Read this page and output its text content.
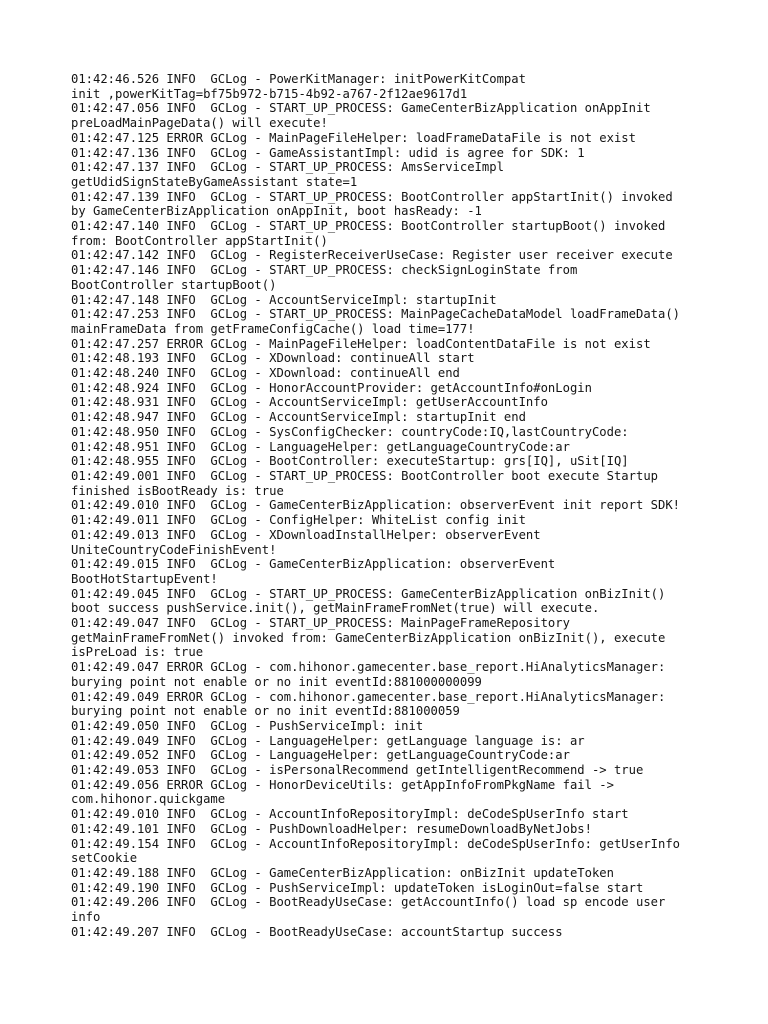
01:42:46.526 INFO  GCLog - PowerKitManager: initPowerKitCompat
init ,powerKitTag=bf75b972-b715-4b92-a767-2f12ae9617d1
01:42:47.056 INFO  GCLog - START_UP_PROCESS: GameCenterBizApplication onAppInit
preLoadMainPageData() will execute!
01:42:47.125 ERROR GCLog - MainPageFileHelper: loadFrameDataFile is not exist
01:42:47.136 INFO  GCLog - GameAssistantImpl: udid is agree for SDK: 1
01:42:47.137 INFO  GCLog - START_UP_PROCESS: AmsServiceImpl
getUdidSignStateByGameAssistant state=1
01:42:47.139 INFO  GCLog - START_UP_PROCESS: BootController appStartInit() invoked
by GameCenterBizApplication onAppInit, boot hasReady: -1
01:42:47.140 INFO  GCLog - START_UP_PROCESS: BootController startupBoot() invoked
from: BootController appStartInit()
01:42:47.142 INFO  GCLog - RegisterReceiverUseCase: Register user receiver execute
01:42:47.146 INFO  GCLog - START_UP_PROCESS: checkSignLoginState from
BootController startupBoot()
01:42:47.148 INFO  GCLog - AccountServiceImpl: startupInit
01:42:47.253 INFO  GCLog - START_UP_PROCESS: MainPageCacheDataModel loadFrameData()
mainFrameData from getFrameConfigCache() load time=177!
01:42:47.257 ERROR GCLog - MainPageFileHelper: loadContentDataFile is not exist
01:42:48.193 INFO  GCLog - XDownload: continueAll start
01:42:48.240 INFO  GCLog - XDownload: continueAll end
01:42:48.924 INFO  GCLog - HonorAccountProvider: getAccountInfo#onLogin
01:42:48.931 INFO  GCLog - AccountServiceImpl: getUserAccountInfo
01:42:48.947 INFO  GCLog - AccountServiceImpl: startupInit end
01:42:48.950 INFO  GCLog - SysConfigChecker: countryCode:IQ,lastCountryCode:
01:42:48.951 INFO  GCLog - LanguageHelper: getLanguageCountryCode:ar
01:42:48.955 INFO  GCLog - BootController: executeStartup: grs[IQ], uSit[IQ]
01:42:49.001 INFO  GCLog - START_UP_PROCESS: BootController boot execute Startup
finished isBootReady is: true
01:42:49.010 INFO  GCLog - GameCenterBizApplication: observerEvent init report SDK!
01:42:49.011 INFO  GCLog - ConfigHelper: WhiteList config init
01:42:49.013 INFO  GCLog - XDownloadInstallHelper: observerEvent
UniteCountryCodeFinishEvent!
01:42:49.015 INFO  GCLog - GameCenterBizApplication: observerEvent
BootHotStartupEvent!
01:42:49.045 INFO  GCLog - START_UP_PROCESS: GameCenterBizApplication onBizInit()
boot success pushService.init(), getMainFrameFromNet(true) will execute.
01:42:49.047 INFO  GCLog - START_UP_PROCESS: MainPageFrameRepository
getMainFrameFromNet() invoked from: GameCenterBizApplication onBizInit(), execute
isPreLoad is: true
01:42:49.047 ERROR GCLog - com.hihonor.gamecenter.base_report.HiAnalyticsManager:
burying point not enable or no init eventId:881000000099
01:42:49.049 ERROR GCLog - com.hihonor.gamecenter.base_report.HiAnalyticsManager:
burying point not enable or no init eventId:881000059
01:42:49.050 INFO  GCLog - PushServiceImpl: init
01:42:49.049 INFO  GCLog - LanguageHelper: getLanguage language is: ar
01:42:49.052 INFO  GCLog - LanguageHelper: getLanguageCountryCode:ar
01:42:49.053 INFO  GCLog - isPersonalRecommend getIntelligentRecommend -> true
01:42:49.056 ERROR GCLog - HonorDeviceUtils: getAppInfoFromPkgName fail ->
com.hihonor.quickgame
01:42:49.010 INFO  GCLog - AccountInfoRepositoryImpl: deCodeSpUserInfo start
01:42:49.101 INFO  GCLog - PushDownloadHelper: resumeDownloadByNetJobs!
01:42:49.154 INFO  GCLog - AccountInfoRepositoryImpl: deCodeSpUserInfo: getUserInfo
setCookie
01:42:49.188 INFO  GCLog - GameCenterBizApplication: onBizInit updateToken
01:42:49.190 INFO  GCLog - PushServiceImpl: updateToken isLoginOut=false start
01:42:49.206 INFO  GCLog - BootReadyUseCase: getAccountInfo() load sp encode user
info
01:42:49.207 INFO  GCLog - BootReadyUseCase: accountStartup success
